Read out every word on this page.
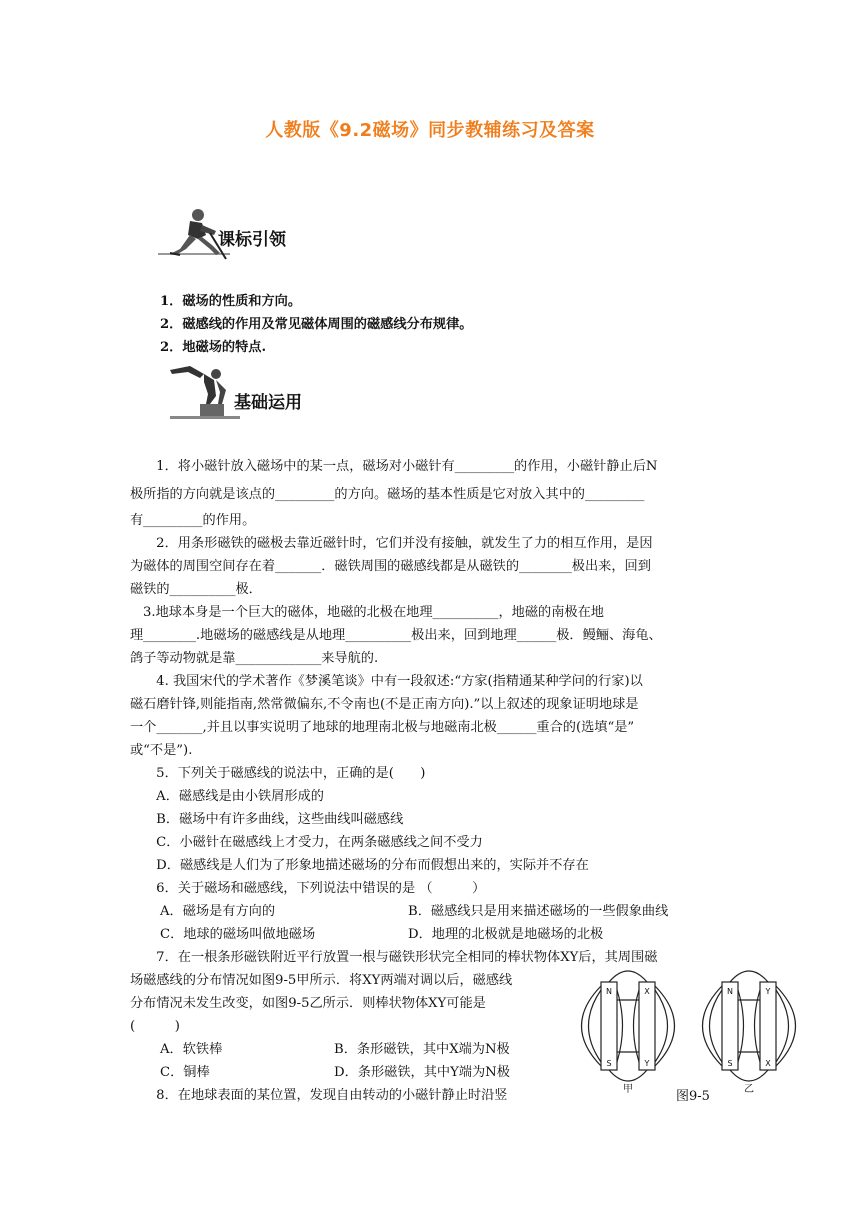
人教版《9.2磁场》同步教辅练习及答案
课标引领
1．磁场的性质和方向。
2．磁感线的作用及常见磁体周围的磁感线分布规律。
2．地磁场的特点.
基础运用
　1．将小磁针放入磁场中的某一点，磁场对小磁针有_________的作用，小磁针静止后N
极所指的方向就是该点的_________的方向。磁场的基本性质是它对放入其中的_________
有_________的作用。
　2．用条形磁铁的磁极去靠近磁针时，它们并没有接触，就发生了力的相互作用，是因
为磁体的周围空间存在着_______．磁铁周围的磁感线都是从磁铁的________极出来，回到
磁铁的__________极．
3.地球本身是一个巨大的磁体，地磁的北极在地理__________，地磁的南极在地
理________.地磁场的磁感线是从地理__________极出来，回到地理______极．鳗鲡、海龟、
鸽子等动物就是靠_____________来导航的.
　4. 我国宋代的学术著作《梦溪笔谈》中有一段叙述:“方家(指精通某种学问的行家)以
磁石磨针锋,则能指南,然常微偏东,不令南也(不是正南方向).”以上叙述的现象证明地球是
一个_______,并且以事实说明了地球的地理南北极与地磁南北极______重合的(选填“是”
或“不是”).
　5．下列关于磁感线的说法中，正确的是(　　)
　A．磁感线是由小铁屑形成的
　B．磁场中有许多曲线，这些曲线叫磁感线
　C．小磁针在磁感线上才受力，在两条磁感线之间不受力
　D．磁感线是人们为了形象地描述磁场的分布而假想出来的，实际并不存在
　6．关于磁场和磁感线，下列说法中错误的是 （　　　）
A．磁场是有方向的	B．磁感线只是用来描述磁场的一些假象曲线
C．地球的磁场叫做地磁场	D．地理的北极就是地磁场的北极
　7．在一根条形磁铁附近平行放置一根与磁铁形状完全相同的棒状物体XY后，其周围磁
场磁感线的分布情况如图9-5甲所示．将XY两端对调以后，磁感线
分布情况未发生改变，如图9-5乙所示．则棒状物体XY可能是
(　　　)
A．软铁棒	B．条形磁铁，其中X端为N极
C．铜棒	D．条形磁铁，其中Y端为N极
　8．在地球表面的某位置，发现自由转动的小磁针静止时沿竖
N
S
X
Y
N
S
Y
X
甲	乙
图9-5
